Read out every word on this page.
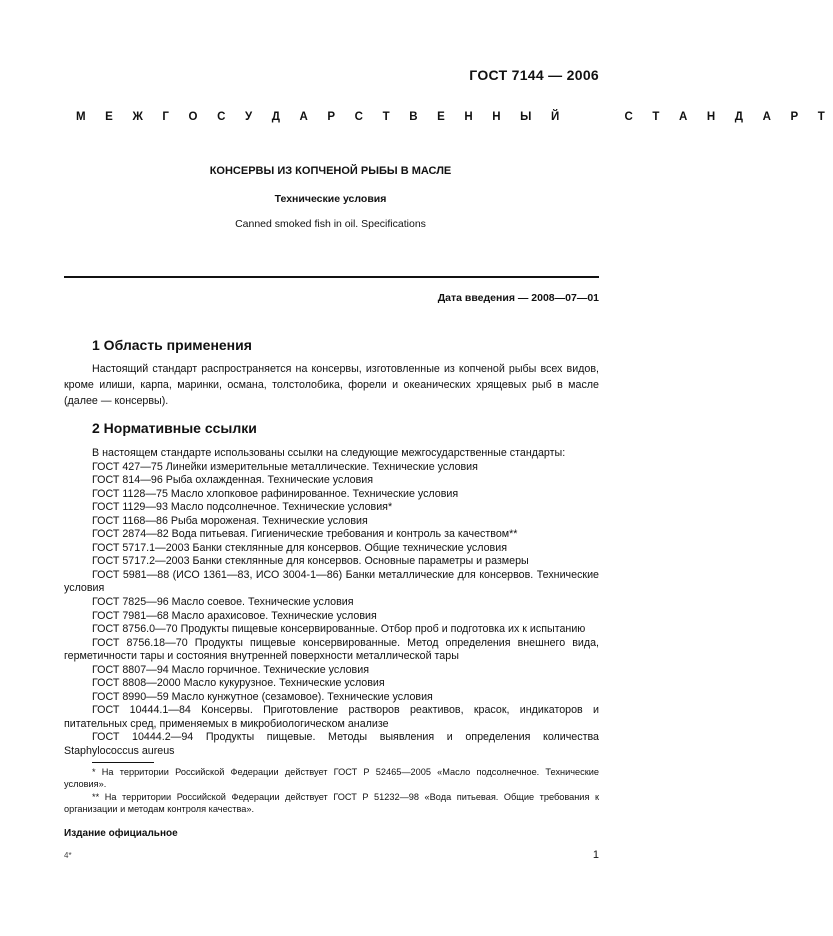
ГОСТ 7144 — 2006
М Е Ж Г О С У Д А Р С Т В Е Н Н Ы Й     С Т А Н Д А Р Т
КОНСЕРВЫ ИЗ КОПЧЕНОЙ РЫБЫ В МАСЛЕ
Технические условия
Canned smoked fish in oil. Specifications
Дата введения — 2008—07—01
1 Область применения

Настоящий стандарт распространяется на консервы, изготовленные из копченой рыбы всех видов, кроме илиши, карпа, маринки, османа, толстолобика, форели и океанических хрящевых рыб в масле (далее — консервы).

2 Нормативные ссылки
В настоящем стандарте использованы ссылки на следующие межгосударственные стандарты:
ГОСТ 427—75 Линейки измерительные металлические. Технические условия
ГОСТ 814—96 Рыба охлажденная. Технические условия
ГОСТ 1128—75 Масло хлопковое рафинированное. Технические условия
ГОСТ 1129—93 Масло подсолнечное. Технические условия*
ГОСТ 1168—86 Рыба мороженая. Технические условия
ГОСТ 2874—82 Вода питьевая. Гигиенические требования и контроль за качеством**
ГОСТ 5717.1—2003 Банки стеклянные для консервов. Общие технические условия
ГОСТ 5717.2—2003 Банки стеклянные для консервов. Основные параметры и размеры
ГОСТ 5981—88 (ИСО 1361—83, ИСО 3004-1—86) Банки металлические для консервов. Технические условия
ГОСТ 7825—96 Масло соевое. Технические условия
ГОСТ 7981—68 Масло арахисовое. Технические условия
ГОСТ 8756.0—70 Продукты пищевые консервированные. Отбор проб и подготовка их к испытанию
ГОСТ 8756.18—70 Продукты пищевые консервированные. Метод определения внешнего вида, герметичности тары и состояния внутренней поверхности металлической тары
ГОСТ 8807—94 Масло горчичное. Технические условия
ГОСТ 8808—2000 Масло кукурузное. Технические условия
ГОСТ 8990—59 Масло кунжутное (сезамовое). Технические условия
ГОСТ 10444.1—84 Консервы. Приготовление растворов реактивов, красок, индикаторов и питательных сред, применяемых в микробиологическом анализе
ГОСТ 10444.2—94 Продукты пищевые. Методы выявления и определения количества Staphylococcus aureus
* На территории Российской Федерации действует ГОСТ Р 52465—2005 «Масло подсолнечное. Технические условия».
** На территории Российской Федерации действует ГОСТ Р 51232—98 «Вода питьевая. Общие требования к организации и методам контроля качества».
Издание официальное
4*	1
